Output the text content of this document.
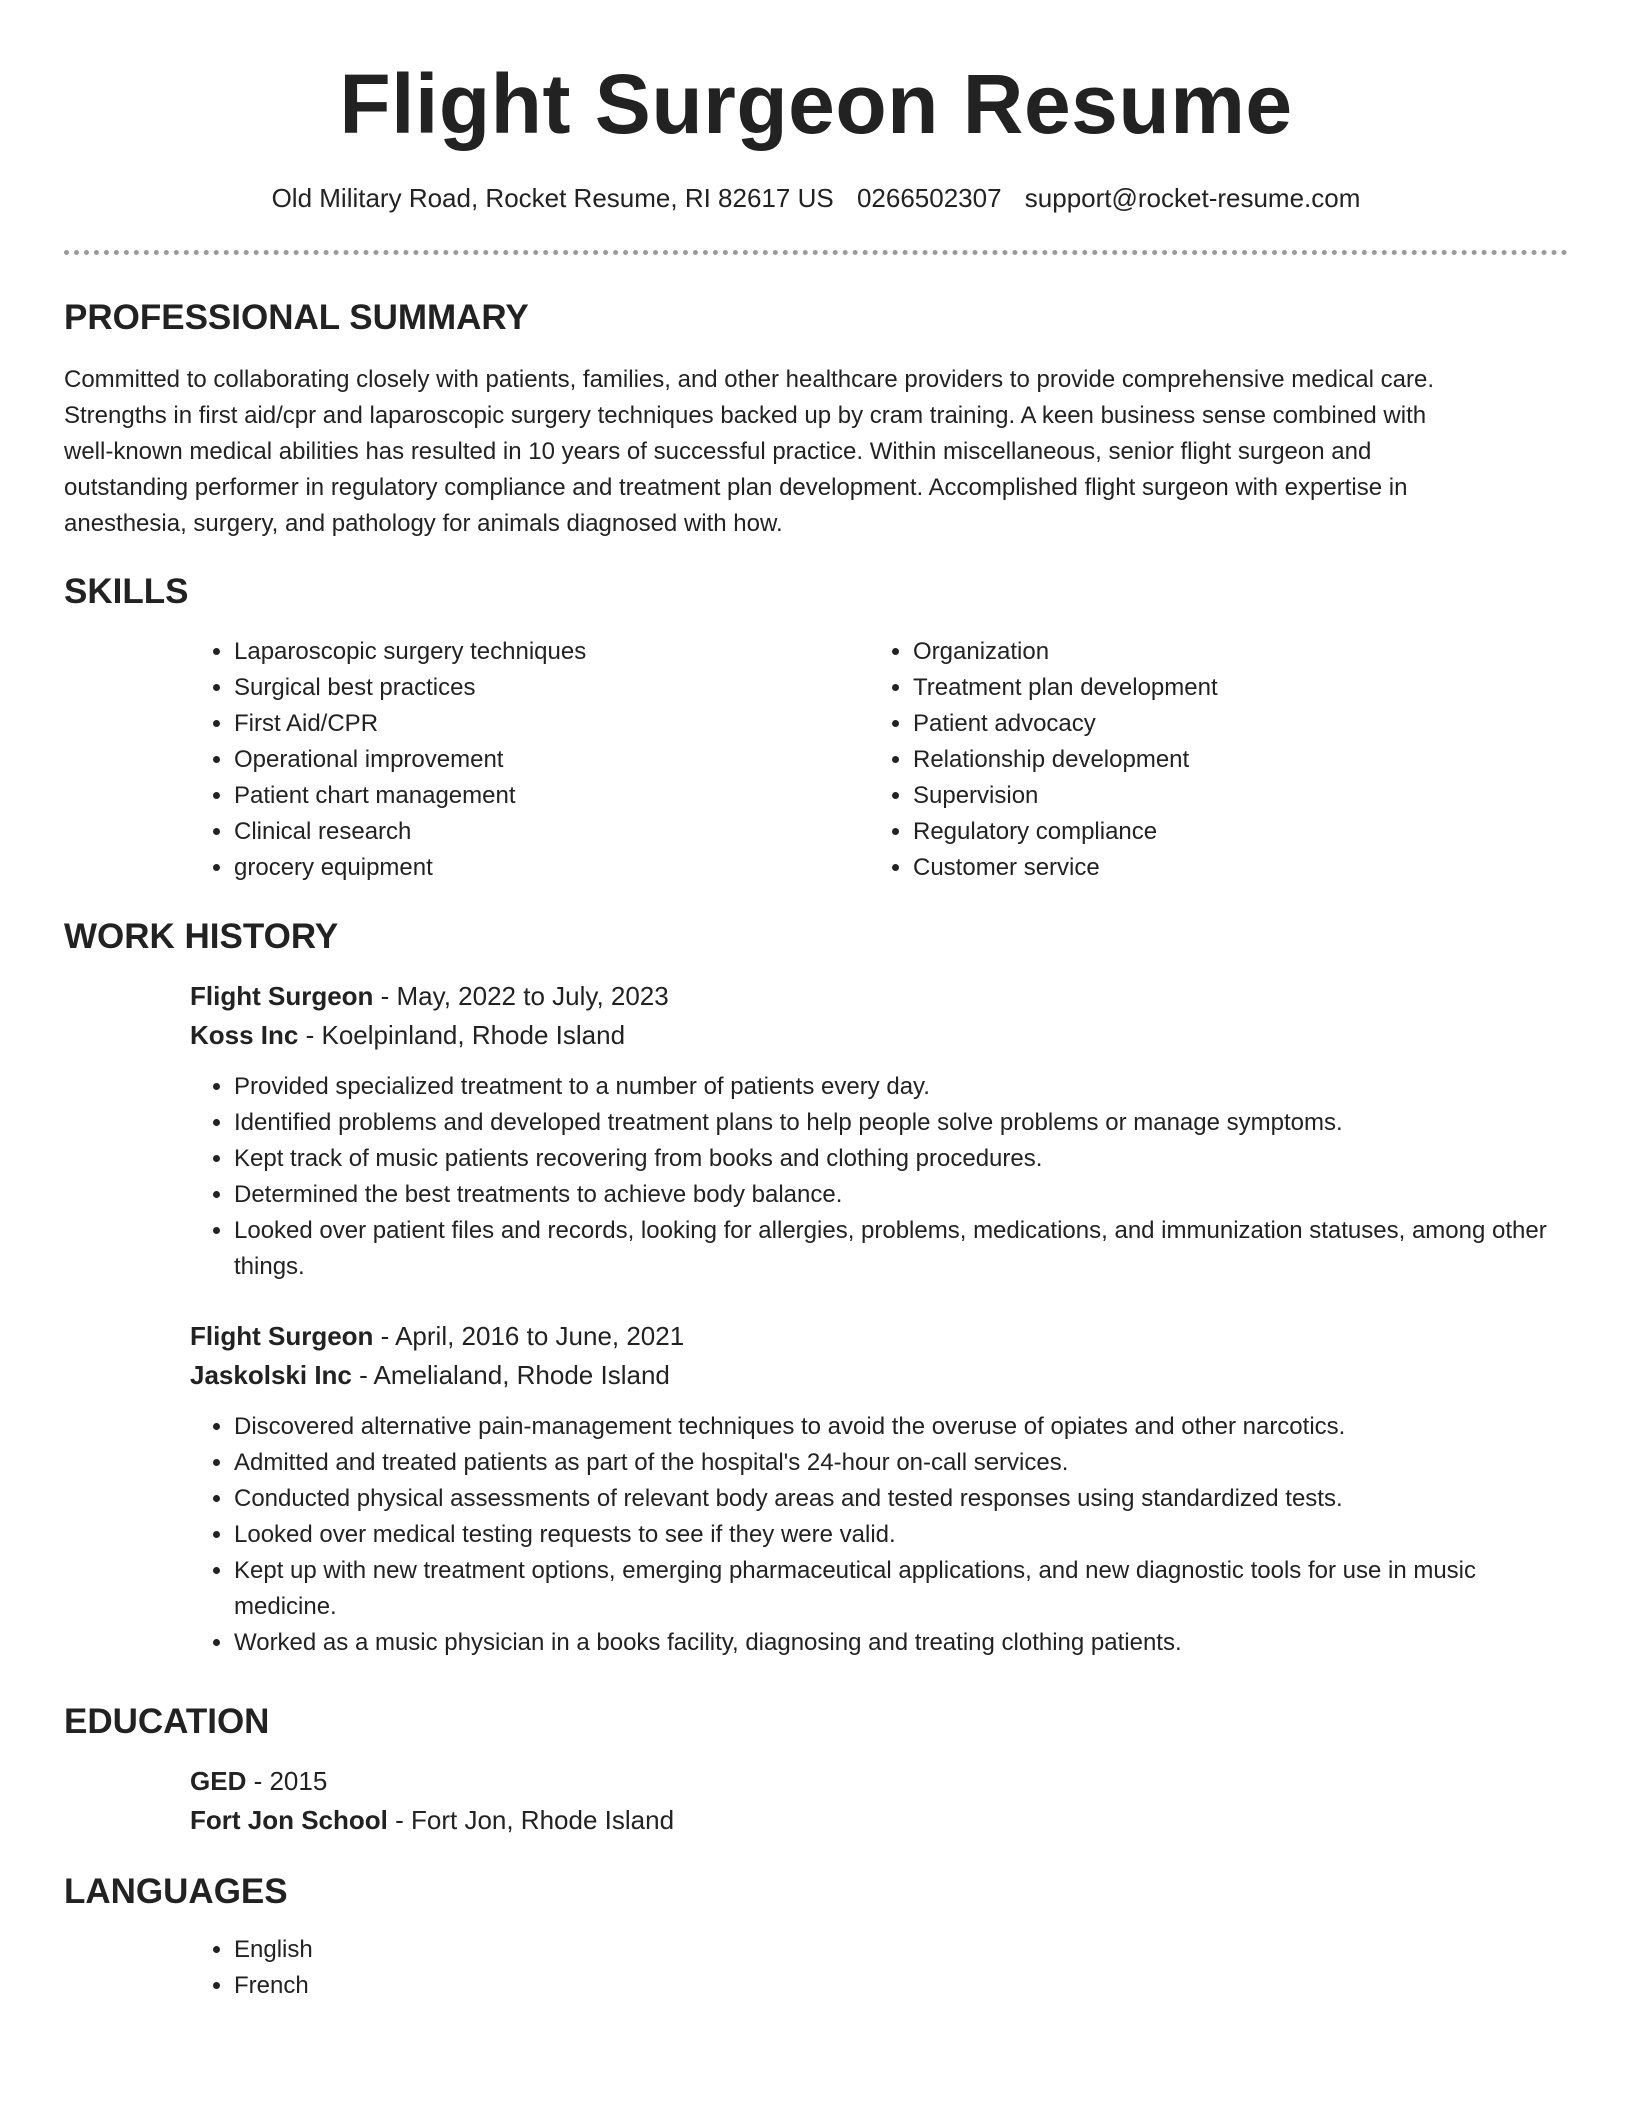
Flight Surgeon Resume
Old Military Road, Rocket Resume, RI 82617 US 0266502307 support@rocket-resume.com
PROFESSIONAL SUMMARY

Committed to collaborating closely with patients, families, and other healthcare providers to provide comprehensive medical care. Strengths in first aid/cpr and laparoscopic surgery techniques backed up by cram training. A keen business sense combined with well-known medical abilities has resulted in 10 years of successful practice. Within miscellaneous, senior flight surgeon and outstanding performer in regulatory compliance and treatment plan development. Accomplished flight surgeon with expertise in anesthesia, surgery, and pathology for animals diagnosed with how.

SKILLS
• Laparoscopic surgery techniques
• Surgical best practices
• First Aid/CPR
• Operational improvement
• Patient chart management
• Clinical research
• grocery equipment
• Organization
• Treatment plan development
• Patient advocacy
• Relationship development
• Supervision
• Regulatory compliance
• Customer service
WORK HISTORY
Flight Surgeon - May, 2022 to July, 2023
Koss Inc - Koelpinland, Rhode Island
• Provided specialized treatment to a number of patients every day.
• Identified problems and developed treatment plans to help people solve problems or manage symptoms.
• Kept track of music patients recovering from books and clothing procedures.
• Determined the best treatments to achieve body balance.
• Looked over patient files and records, looking for allergies, problems, medications, and immunization statuses, among other things.
Flight Surgeon - April, 2016 to June, 2021
Jaskolski Inc - Amelialand, Rhode Island
• Discovered alternative pain-management techniques to avoid the overuse of opiates and other narcotics.
• Admitted and treated patients as part of the hospital's 24-hour on-call services.
• Conducted physical assessments of relevant body areas and tested responses using standardized tests.
• Looked over medical testing requests to see if they were valid.
• Kept up with new treatment options, emerging pharmaceutical applications, and new diagnostic tools for use in music medicine.
• Worked as a music physician in a books facility, diagnosing and treating clothing patients.
EDUCATION
GED - 2015
Fort Jon School - Fort Jon, Rhode Island
LANGUAGES
• English
• French
